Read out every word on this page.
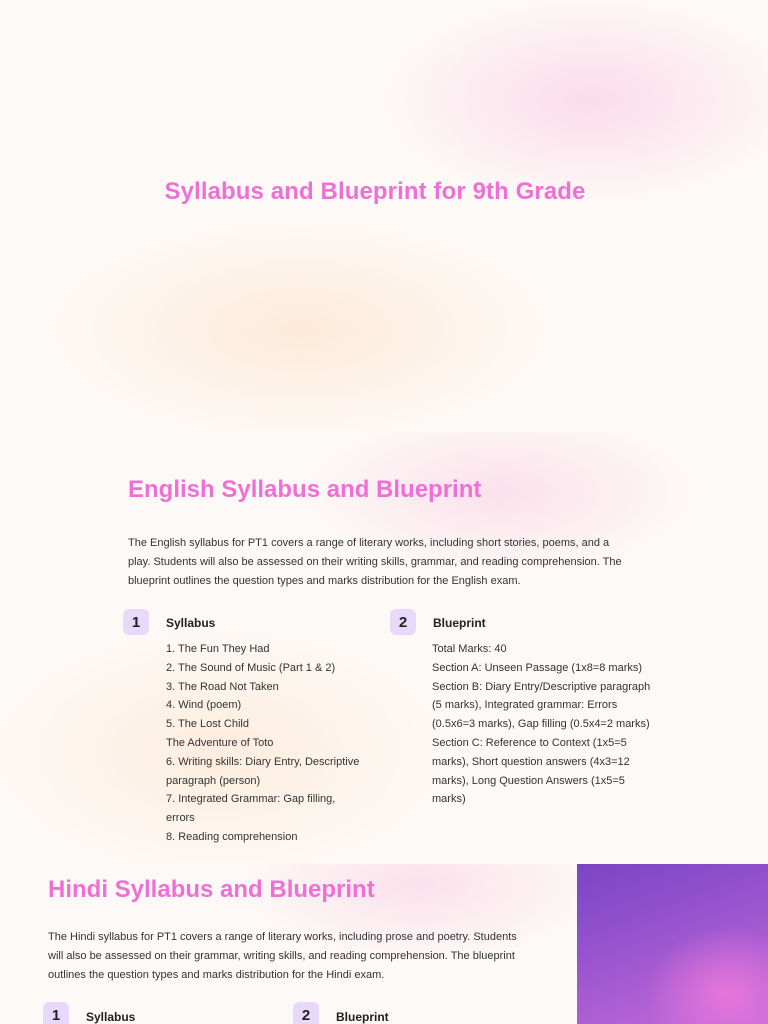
Syllabus and Blueprint for 9th Grade
English Syllabus and Blueprint

The English syllabus for PT1 covers a range of literary works, including short stories, poems, and a play. Students will also be assessed on their writing skills, grammar, and reading comprehension. The blueprint outlines the question types and marks distribution for the English exam.

1	Syllabus
1. The Fun They Had
2. The Sound of Music (Part 1 & 2)
3. The Road Not Taken
4. Wind (poem)
5. The Lost Child
The Adventure of Toto
6. Writing skills: Diary Entry, Descriptive paragraph (person)
7. Integrated Grammar: Gap filling, errors
8. Reading comprehension
2	Blueprint
Total Marks: 40
Section A: Unseen Passage (1x8=8 marks)
Section B: Diary Entry/Descriptive paragraph (5 marks), Integrated grammar: Errors (0.5x6=3 marks), Gap filling (0.5x4=2 marks)
Section C: Reference to Context (1x5=5 marks), Short question answers (4x3=12 marks), Long Question Answers (1x5=5 marks)
Hindi Syllabus and Blueprint

The Hindi syllabus for PT1 covers a range of literary works, including prose and poetry. Students will also be assessed on their grammar, writing skills, and reading comprehension. The blueprint outlines the question types and marks distribution for the Hindi exam.

1	Syllabus	2	Blueprint
